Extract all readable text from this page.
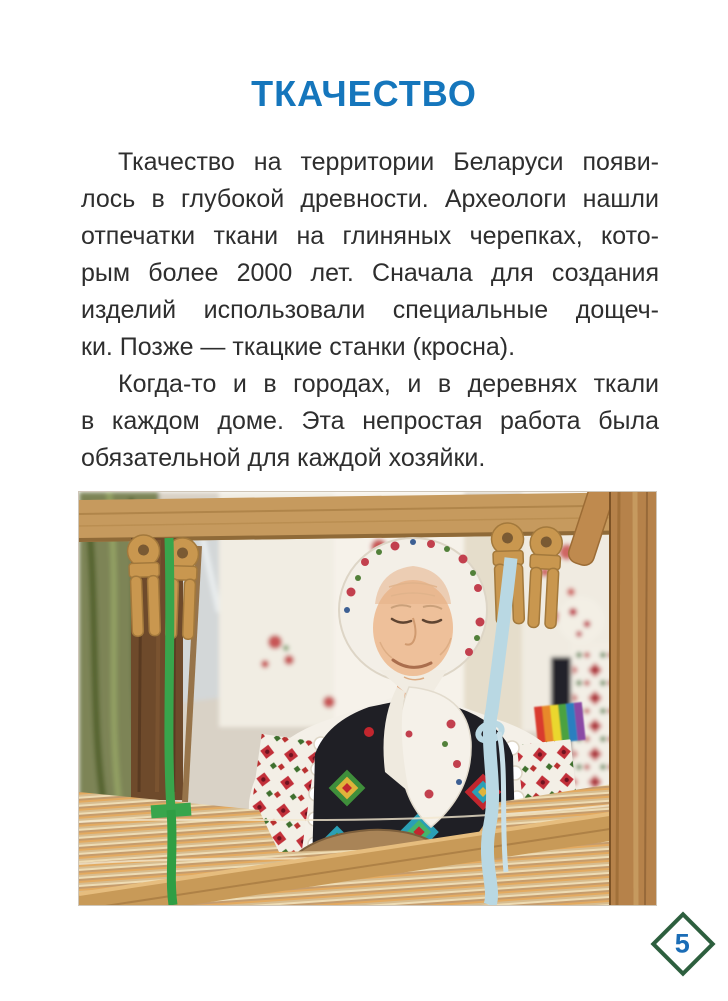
ТКАЧЕСТВО

Ткачество на территории Беларуси появи-

лось в глубокой древности. Археологи нашли

отпечатки ткани на глиняных черепках, кото-

рым более 2000 лет. Сначала для создания

изделий использовали специальные дощеч-

ки. Позже — ткацкие станки (кросна).

Когда-то и в городах, и в деревнях ткали

в каждом доме. Эта непростая работа была

обязательной для каждой хозяйки.

5
